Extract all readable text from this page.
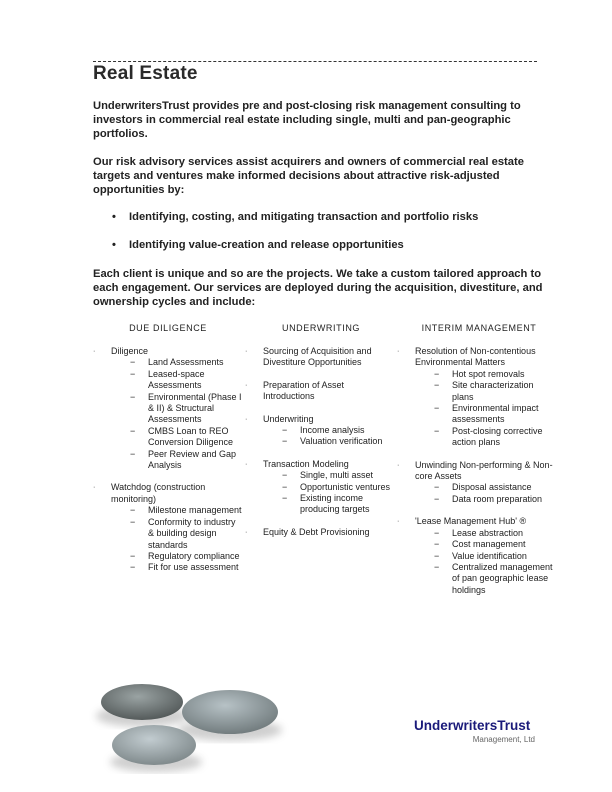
Real Estate

UnderwritersTrust provides pre and post-closing risk management consulting to investors in commercial real estate including single, multi and pan-geographic portfolios.

Our risk advisory services assist acquirers and owners of commercial real estate targets and ventures make informed decisions about attractive risk-adjusted opportunities by:

•	Identifying, costing, and mitigating transaction and portfolio risks
•	Identifying value-creation and release opportunities

Each client is unique and so are the projects. We take a custom tailored approach to each engagement. Our services are deployed during the acquisition, divestiture, and ownership cycles and include:

DUE DILIGENCE	UNDERWRITING	INTERIM MANAGEMENT
· Diligence
− Land Assessments
− Leased-space Assessments
− Environmental (Phase I & II) & Structural Assessments
− CMBS Loan to REO Conversion Diligence
− Peer Review and Gap Analysis
· Watchdog (construction monitoring)
− Milestone management
− Conformity to industry & building design standards
− Regulatory compliance
− Fit for use assessment
· Sourcing of Acquisition and Divestiture Opportunities
· Preparation of Asset Introductions
· Underwriting
− Income analysis
− Valuation verification
· Transaction Modeling
− Single, multi asset
− Opportunistic ventures
− Existing income producing targets
· Equity & Debt Provisioning
· Resolution of Non-contentious Environmental Matters
− Hot spot removals
− Site characterization plans
− Environmental impact assessments
− Post-closing corrective action plans
· Unwinding Non-performing & Non-core Assets
− Disposal assistance
− Data room preparation
· 'Lease Management Hub' ®
− Lease abstraction
− Cost management
− Value identification
− Centralized management of pan geographic lease holdings
UnderwritersTrust
Management, Ltd
